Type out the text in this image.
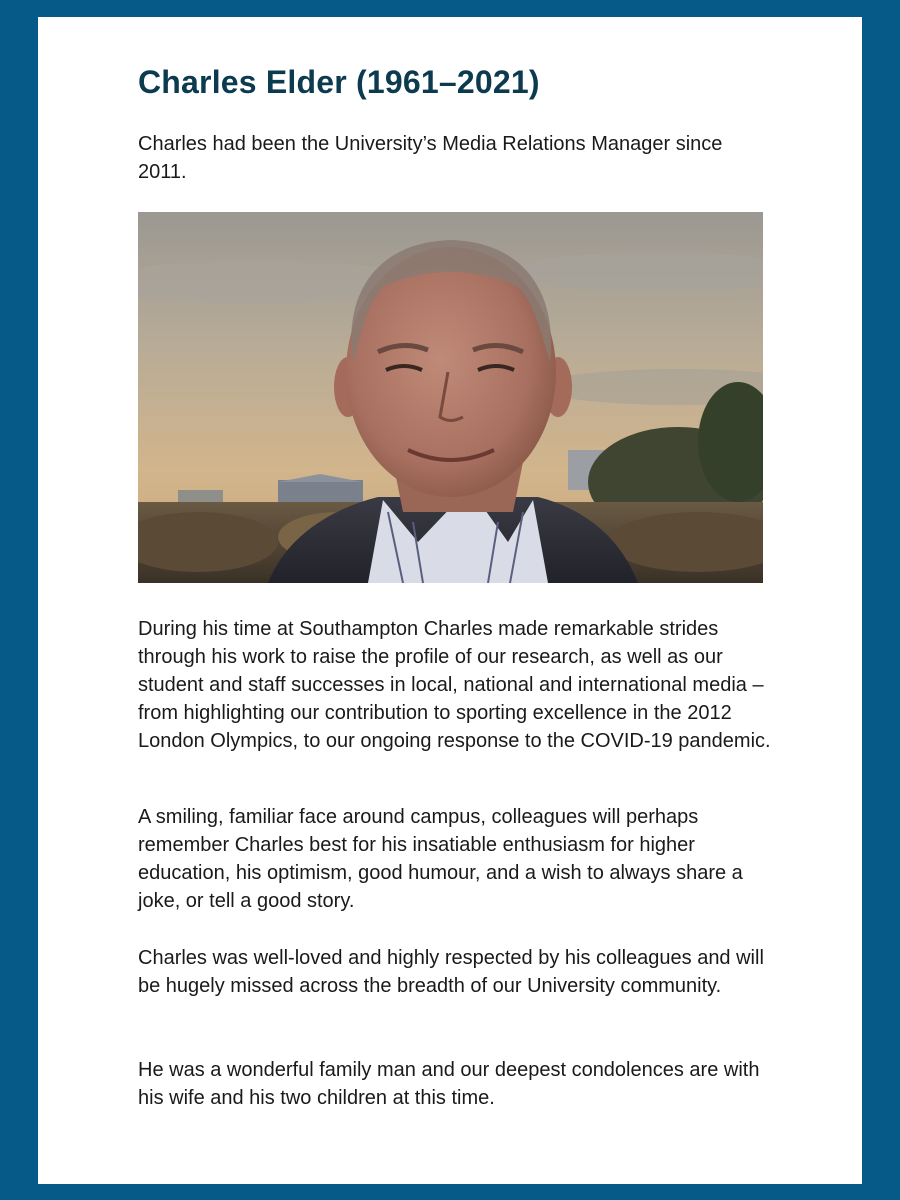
Charles Elder (1961–2021)

Charles had been the University’s Media Relations Manager since 2011.

During his time at Southampton Charles made remarkable strides through his work to raise the profile of our research, as well as our student and staff successes in local, national and international media – from highlighting our contribution to sporting excellence in the 2012 London Olympics, to our ongoing response to the COVID-19 pandemic.

A smiling, familiar face around campus, colleagues will perhaps remember Charles best for his insatiable enthusiasm for higher education, his optimism, good humour, and a wish to always share a joke, or tell a good story.

Charles was well-loved and highly respected by his colleagues and will be hugely missed across the breadth of our University community.

He was a wonderful family man and our deepest condolences are with his wife and his two children at this time.
